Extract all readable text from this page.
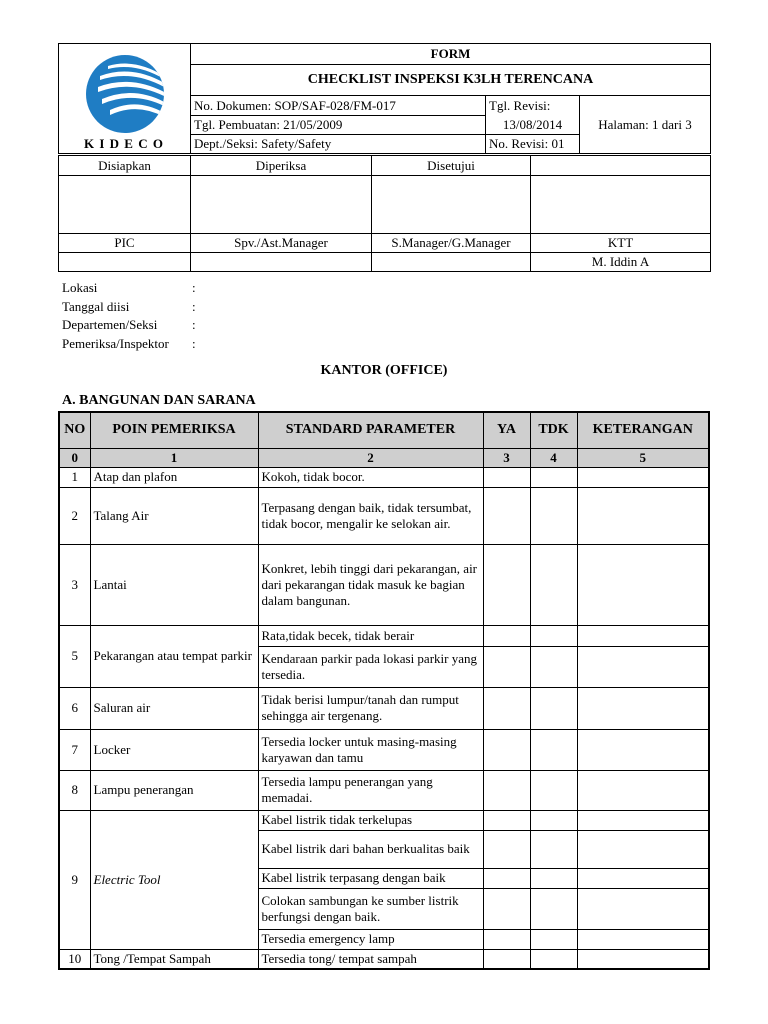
	FORM		
	CHECKLIST INSPEKSI K3LH TERENCANA		
	No. Dokumen: SOP/SAF-028/FM-017	Tgl. Revisi:	Halaman: 1 dari 3
	Tgl. Pembuatan: 21/05/2009	13/08/2014	
	Dept./Seksi: Safety/Safety	No. Revisi: 01	

K I D E C O
Disiapkan	Diperiksa	Disetujui	

PIC	Spv./Ast.Manager	S.Manager/G.Manager	KTT
			M. Iddin A
Lokasi	:
Tanggal diisi	:
Departemen/Seksi	:
Pemeriksa/Inspektor	:
KANTOR (OFFICE)
A. BANGUNAN DAN SARANA
NO	POIN PEMERIKSA	STANDARD PARAMETER	YA	TDK	KETERANGAN
0	1	2	3	4	5
1	Atap dan plafon	Kokoh, tidak bocor.			
2	Talang Air	Terpasang dengan baik, tidak tersumbat, tidak bocor, mengalir ke selokan air.			
3	Lantai	Konkret, lebih tinggi dari pekarangan, air dari pekarangan tidak masuk ke bagian dalam bangunan.			
5	Pekarangan atau tempat parkir	Rata,tidak becek, tidak berair			
		Kendaraan parkir pada lokasi parkir yang tersedia.			
6	Saluran air	Tidak berisi lumpur/tanah dan rumput sehingga air tergenang.			
7	Locker	Tersedia locker untuk masing-masing karyawan dan tamu			
8	Lampu penerangan	Tersedia lampu penerangan yang memadai.			
9	Electric Tool	Kabel listrik tidak terkelupas			
		Kabel listrik dari bahan berkualitas baik			
		Kabel listrik terpasang dengan baik			
		Colokan sambungan ke sumber listrik berfungsi dengan baik.			
		Tersedia emergency lamp			
10	Tong /Tempat Sampah	Tersedia tong/ tempat sampah			
